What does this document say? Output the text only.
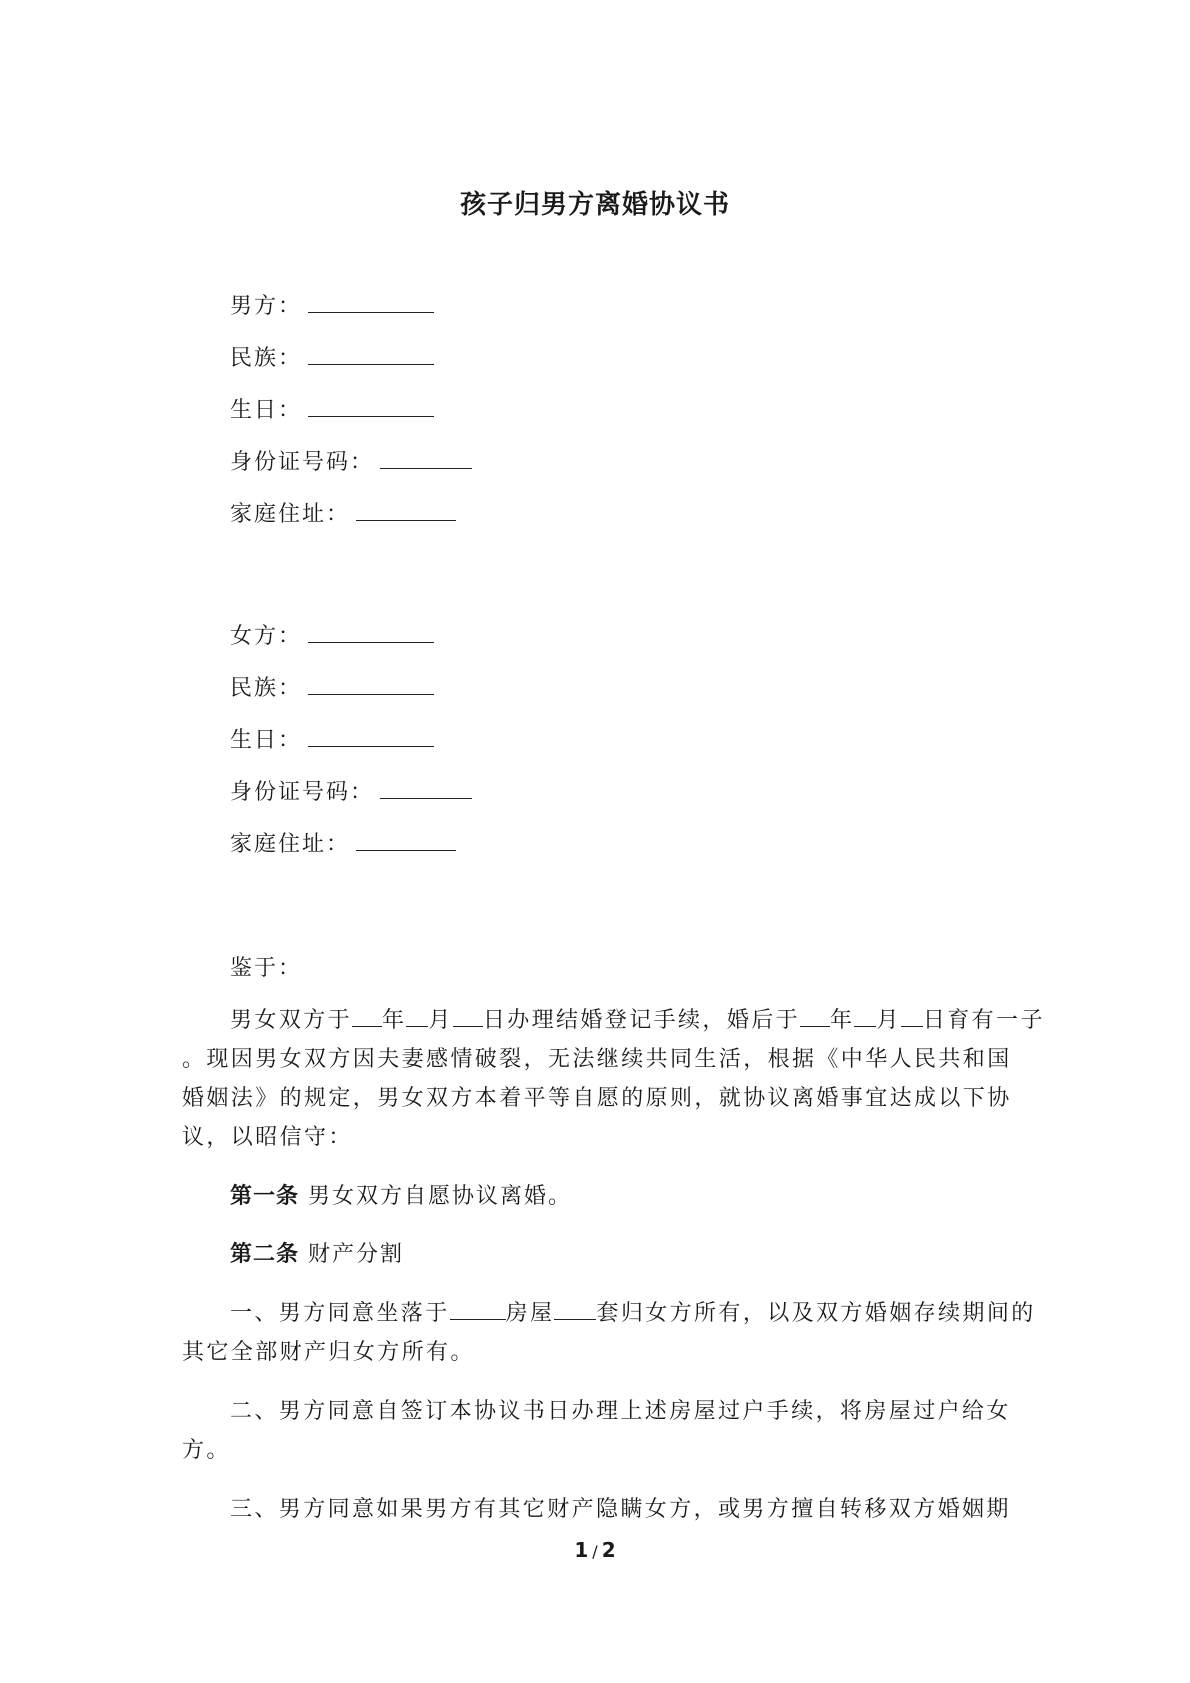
孩子归男方离婚协议书
男方：
民族：
生日：
身份证号码：
家庭住址：
女方：
民族：
生日：
身份证号码：
家庭住址：
鉴于：
男女双方于 年 月 日办理结婚登记手续，婚后于 年 月 日育有一子
。现因男女双方因夫妻感情破裂，无法继续共同生活，根据《中华人民共和国
婚姻法》的规定，男女双方本着平等自愿的原则，就协议离婚事宜达成以下协
议，以昭信守：
第一条 男女双方自愿协议离婚。
第二条 财产分割
一、男方同意坐落于	房屋 套归女方所有，以及双方婚姻存续期间的
其它全部财产归女方所有。
二、男方同意自签订本协议书日办理上述房屋过户手续，将房屋过户给女
方。
三、男方同意如果男方有其它财产隐瞒女方，或男方擅自转移双方婚姻期
1 / 2
